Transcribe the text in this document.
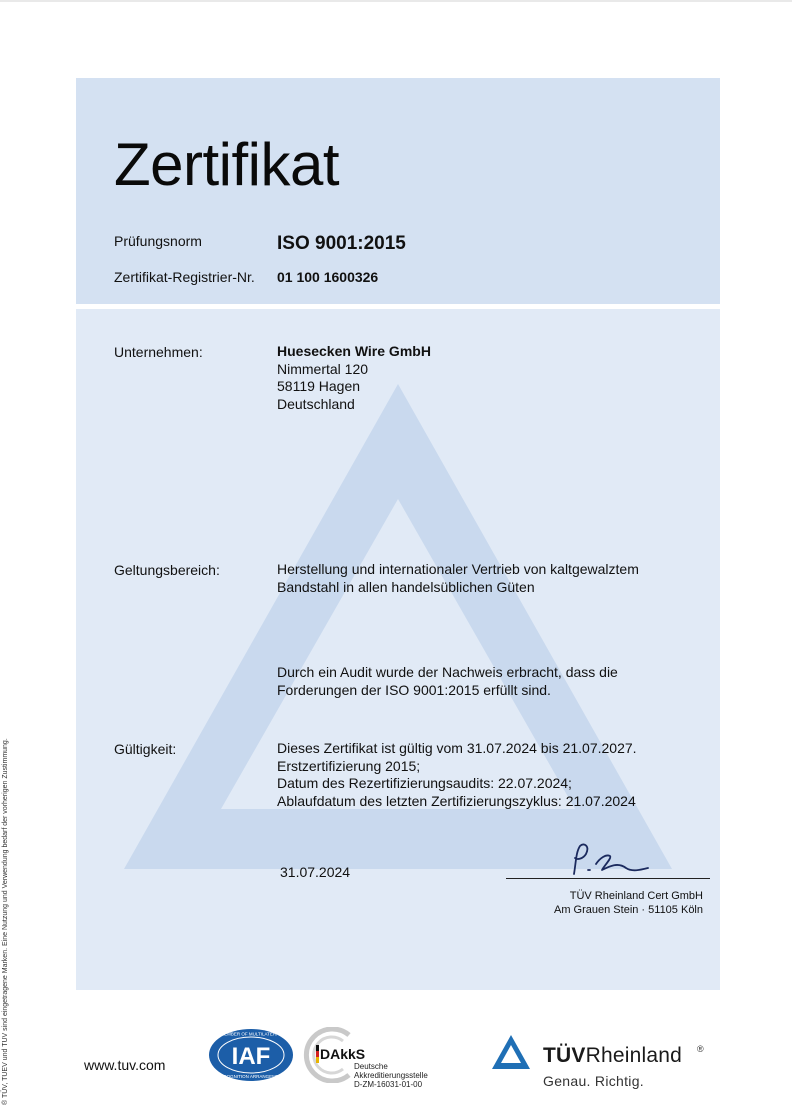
Zertifikat
Prüfungsnorm	ISO 9001:2015
Zertifikat-Registrier-Nr. 01 100 1600326
Unternehmen:	Huesecken Wire GmbH
Nimmertal 120
58119 Hagen
Deutschland
Geltungsbereich:	Herstellung und internationaler Vertrieb von kaltgewalztem
Bandstahl in allen handelsüblichen Güten
Durch ein Audit wurde der Nachweis erbracht, dass die
Forderungen der ISO 9001:2015 erfüllt sind.
Gültigkeit:	Dieses Zertifikat ist gültig vom 31.07.2024 bis 21.07.2027.
Erstzertifizierung 2015;
Datum des Rezertifizierungsaudits: 22.07.2024;
Ablaufdatum des letzten Zertifizierungszyklus: 21.07.2024
31.07.2024
TÜV Rheinland Cert GmbH
Am Grauen Stein · 51105 Köln
® TÜV, TUEV und TUV sind eingetragene Marken. Eine Nutzung und Verwendung bedarf der vorherigen Zustimmung.	www.tuv.com	IAF
MEMBER OF MULTILATERAL
RECOGNITION ARRANGEMENT
DAkkS
Deutsche
Akkreditierungsstelle
D-ZM-16031-01-00
TÜVRheinland ®
Genau. Richtig.
